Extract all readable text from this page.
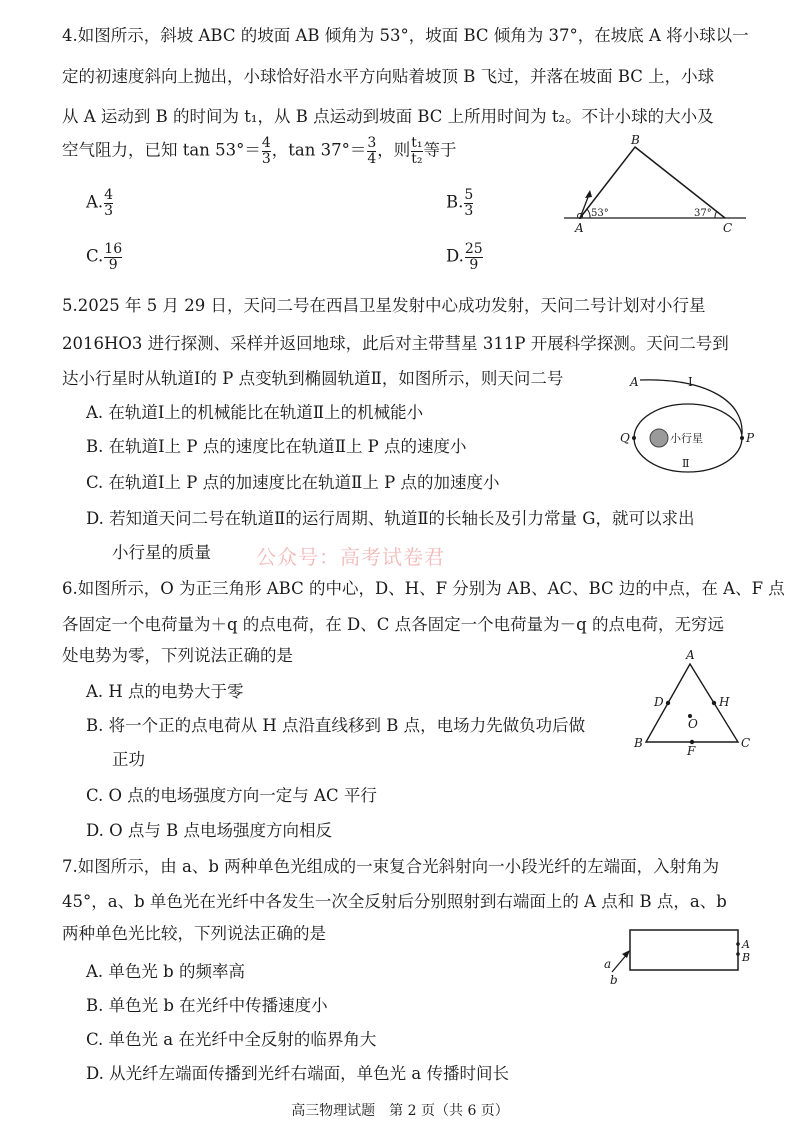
4.如图所示，斜坡 ABC 的坡面 AB 倾角为 53°，坡面 BC 倾角为 37°，在坡底 A 将小球以一
定的初速度斜向上抛出，小球恰好沿水平方向贴着坡顶 B 飞过，并落在坡面 BC 上，小球
从 A 运动到 B 的时间为 t₁，从 B 点运动到坡面 BC 上所用时间为 t₂。不计小球的大小及
空气阻力，已知 $\tan 53^\circ= \frac{4}{3}$ ，$\tan 37^\circ= \frac{3}{4}$ ，则 $\frac{\text{t₁}}{\text{t₂}}$ 等于
A. $\frac{4}{3}$	B. $\frac{5}{3}$
C. $\frac{16}{9}$	D. $\frac{25}{9}$
B
A	C
53°	37°
5.2025 年 5 月 29 日，天问二号在西昌卫星发射中心成功发射，天问二号计划对小行星
2016HO3 进行探测、采样并返回地球，此后对主带彗星 311P 开展科学探测。天问二号到
达小行星时从轨道Ⅰ的 P 点变轨到椭圆轨道Ⅱ，如图所示，则天问二号
A. 在轨道Ⅰ上的机械能比在轨道Ⅱ上的机械能小
B. 在轨道Ⅰ上 P 点的速度比在轨道Ⅱ上 P 点的速度小
C. 在轨道Ⅰ上 P 点的加速度比在轨道Ⅱ上 P 点的加速度小
D. 若知道天问二号在轨道Ⅱ的运行周期、轨道Ⅱ的长轴长及引力常量 G，就可以求出
小行星的质量
A	Ⅰ
Q	P
小行星
Ⅱ
公众号：高考试卷君
6.如图所示，O 为正三角形 ABC 的中心，D、H、F 分别为 AB、AC、BC 边的中点，在 A、F 点
各固定一个电荷量为＋q 的点电荷，在 D、C 点各固定一个电荷量为－q 的点电荷，无穷远
处电势为零，下列说法正确的是
A. H 点的电势大于零
B. 将一个正的点电荷从 H 点沿直线移到 B 点，电场力先做负功后做
正功
C. O 点的电场强度方向一定与 AC 平行
D. O 点与 B 点电场强度方向相反
A
D	H
O
B
F
C
7.如图所示，由 a、b 两种单色光组成的一束复合光斜射向一小段光纤的左端面，入射角为
45°，a、b 单色光在光纤中各发生一次全反射后分别照射到右端面上的 A 点和 B 点，a、b
两种单色光比较，下列说法正确的是
A. 单色光 b 的频率高
B. 单色光 b 在光纤中传播速度小
C. 单色光 a 在光纤中全反射的临界角大
D. 从光纤左端面传播到光纤右端面，单色光 a 传播时间长
a
b
A
B
高三物理试题　第 2 页（共 6 页）
